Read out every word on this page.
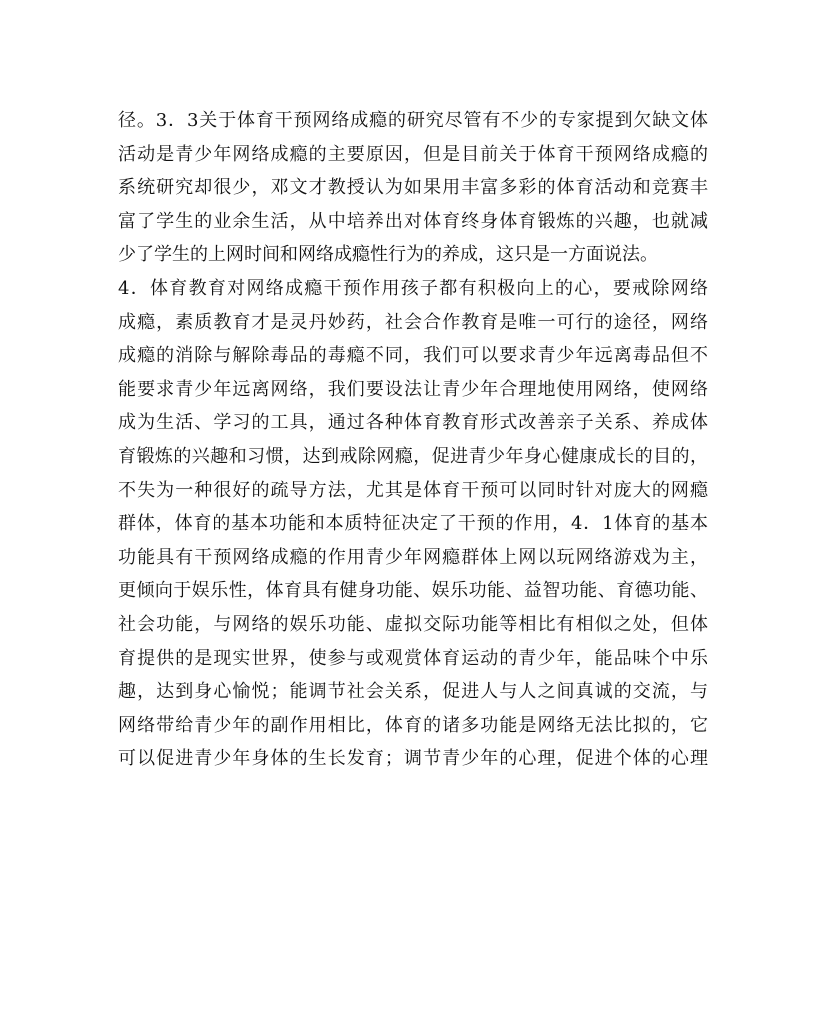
径。3．3关于体育干预网络成瘾的研究尽管有不少的专家提到欠缺文体
活动是青少年网络成瘾的主要原因，但是目前关于体育干预网络成瘾的
系统研究却很少，邓文才教授认为如果用丰富多彩的体育活动和竞赛丰
富了学生的业余生活，从中培养出对体育终身体育锻炼的兴趣，也就减
少了学生的上网时间和网络成瘾性行为的养成，这只是一方面说法。
4．体育教育对网络成瘾干预作用孩子都有积极向上的心，要戒除网络
成瘾，素质教育才是灵丹妙药，社会合作教育是唯一可行的途径，网络
成瘾的消除与解除毒品的毒瘾不同，我们可以要求青少年远离毒品但不
能要求青少年远离网络，我们要设法让青少年合理地使用网络，使网络
成为生活、学习的工具，通过各种体育教育形式改善亲子关系、养成体
育锻炼的兴趣和习惯，达到戒除网瘾，促进青少年身心健康成长的目的，
不失为一种很好的疏导方法，尤其是体育干预可以同时针对庞大的网瘾
群体，体育的基本功能和本质特征决定了干预的作用，4．1体育的基本
功能具有干预网络成瘾的作用青少年网瘾群体上网以玩网络游戏为主，
更倾向于娱乐性，体育具有健身功能、娱乐功能、益智功能、育德功能、
社会功能，与网络的娱乐功能、虚拟交际功能等相比有相似之处，但体
育提供的是现实世界，使参与或观赏体育运动的青少年，能品味个中乐
趣，达到身心愉悦；能调节社会关系，促进人与人之间真诚的交流，与
网络带给青少年的副作用相比，体育的诸多功能是网络无法比拟的，它
可以促进青少年身体的生长发育；调节青少年的心理，促进个体的心理
